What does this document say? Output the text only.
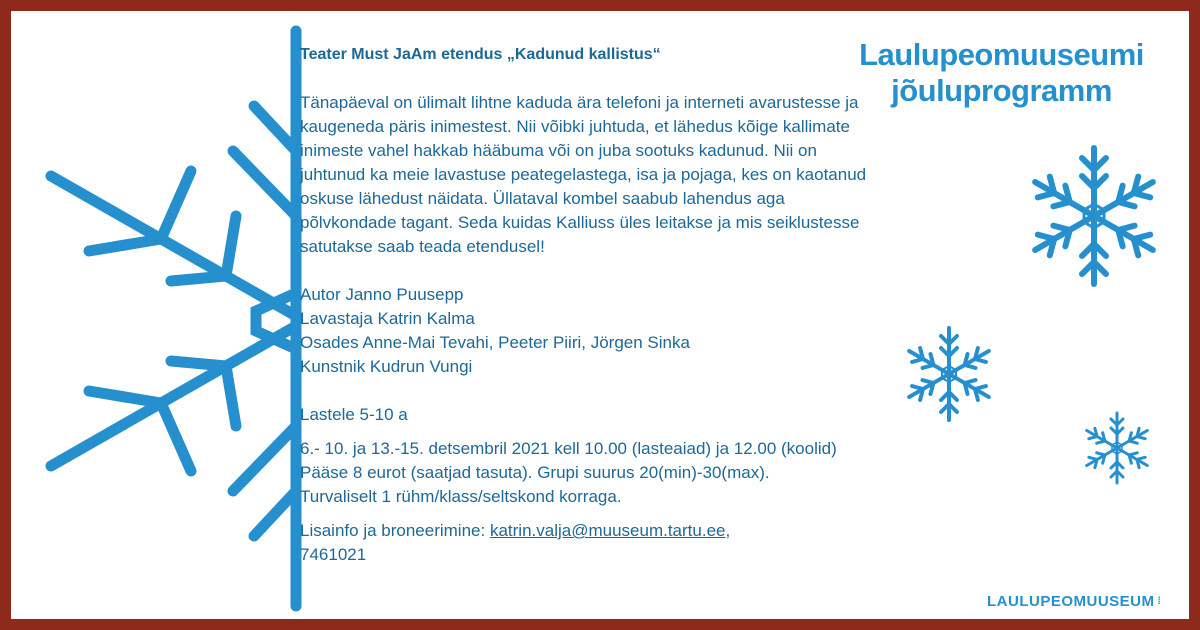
Laulupeomuuseumi
jõuluprogramm

Teater Must JaAm etendus „Kadunud kallistus“

Tänapäeval on ülimalt lihtne kaduda ära telefoni ja interneti avarustesse ja kaugeneda päris inimestest. Nii võibki juhtuda, et lähedus kõige kallimate inimeste vahel hakkab hääbuma või on juba sootuks kadunud. Nii on juhtunud ka meie lavastuse peategelastega, isa ja pojaga, kes on kaotanud oskuse lähedust näidata. Üllataval kombel saabub lahendus aga põlvkondade tagant. Seda kuidas Kalliuss üles leitakse ja mis seiklustesse satutakse saab teada etendusel!

Autor Janno Puusepp

Lavastaja Katrin Kalma

Osades Anne-Mai Tevahi, Peeter Piiri, Jörgen Sinka

Kunstnik Kudrun Vungi

Lastele 5-10 a

6.- 10. ja 13.-15. detsembril 2021 kell 10.00 (lasteaiad) ja 12.00 (koolid)

Pääse 8 eurot (saatjad tasuta). Grupi suurus 20(min)-30(max).

Turvaliselt 1 rühm/klass/seltskond korraga.

Lisainfo ja broneerimine: katrin.valja@muuseum.tartu.ee,
7461021

LAULUPEOMUUSEUM ⁞
